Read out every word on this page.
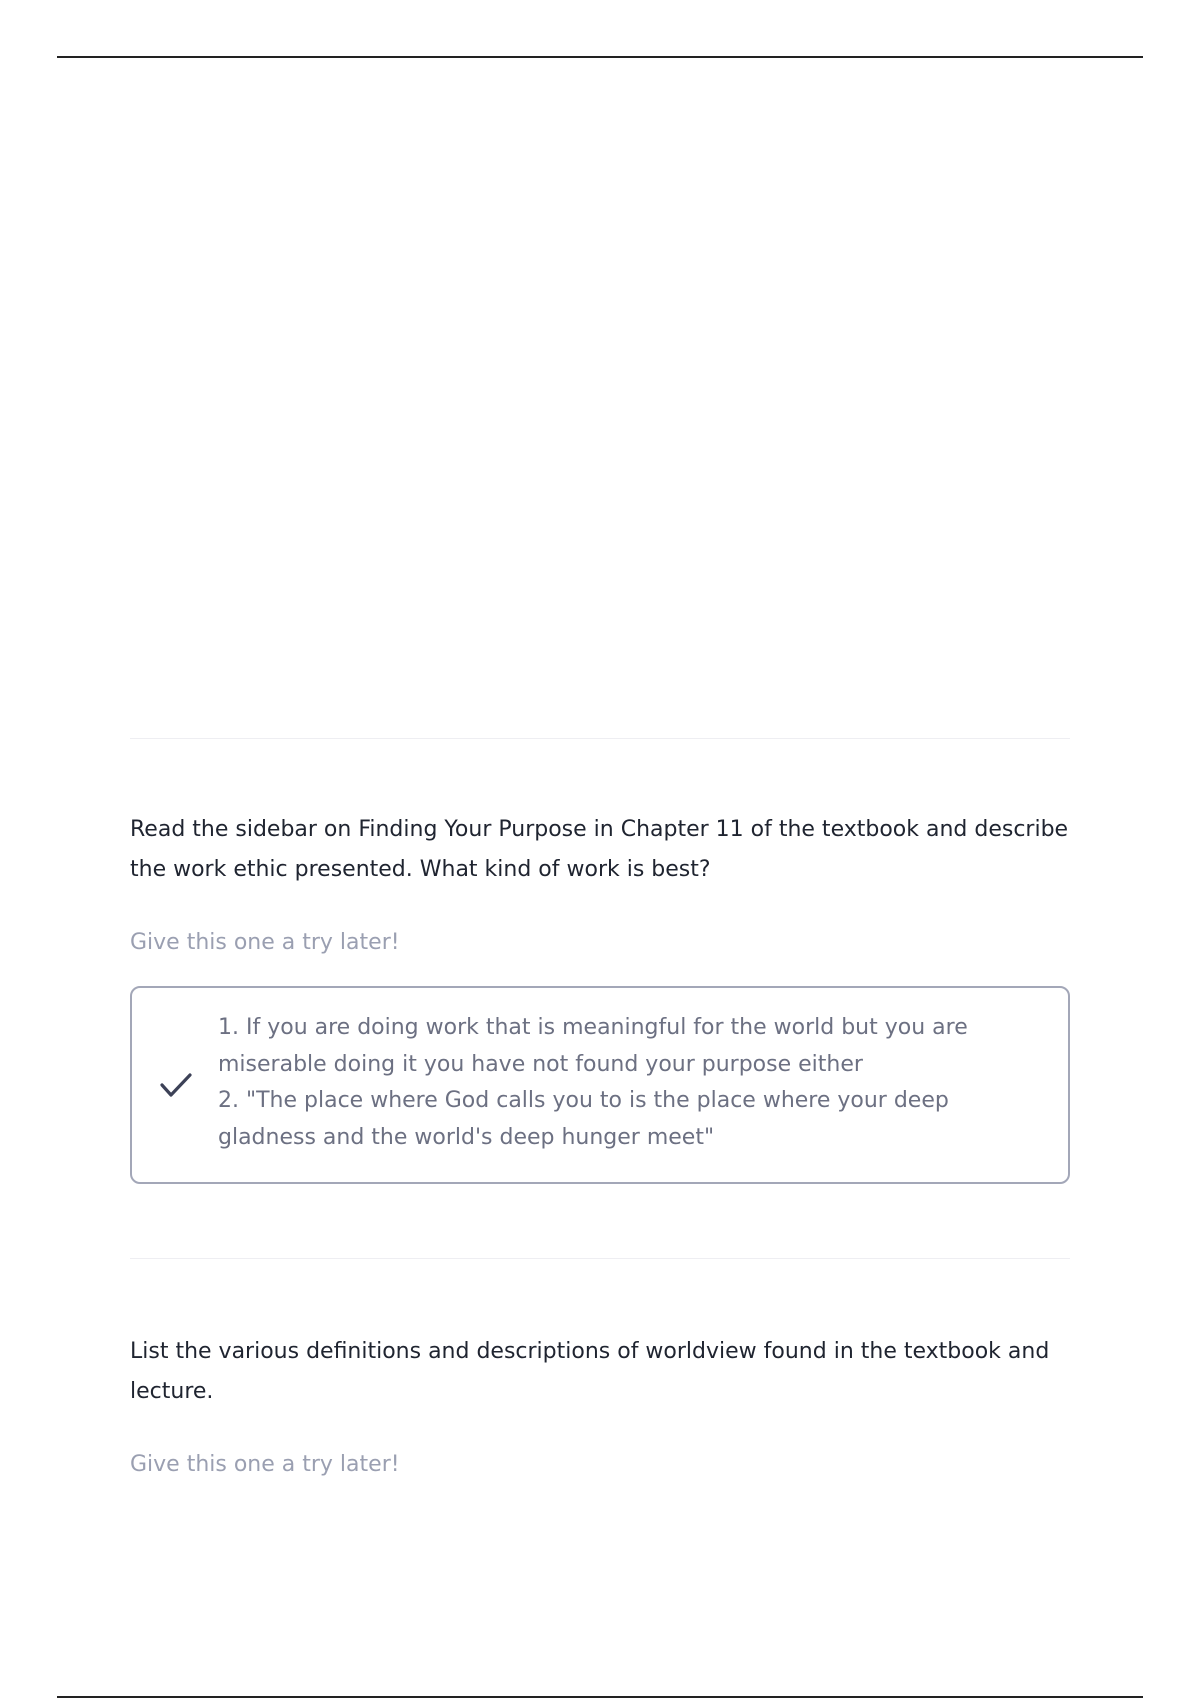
Read the sidebar on Finding Your Purpose in Chapter 11 of the textbook and describe the work ethic presented. What kind of work is best?

Give this one a try later!

1. If you are doing work that is meaningful for the world but you are miserable doing it you have not found your purpose either
2. "The place where God calls you to is the place where your deep gladness and the world's deep hunger meet"

List the various definitions and descriptions of worldview found in the textbook and lecture.

Give this one a try later!
